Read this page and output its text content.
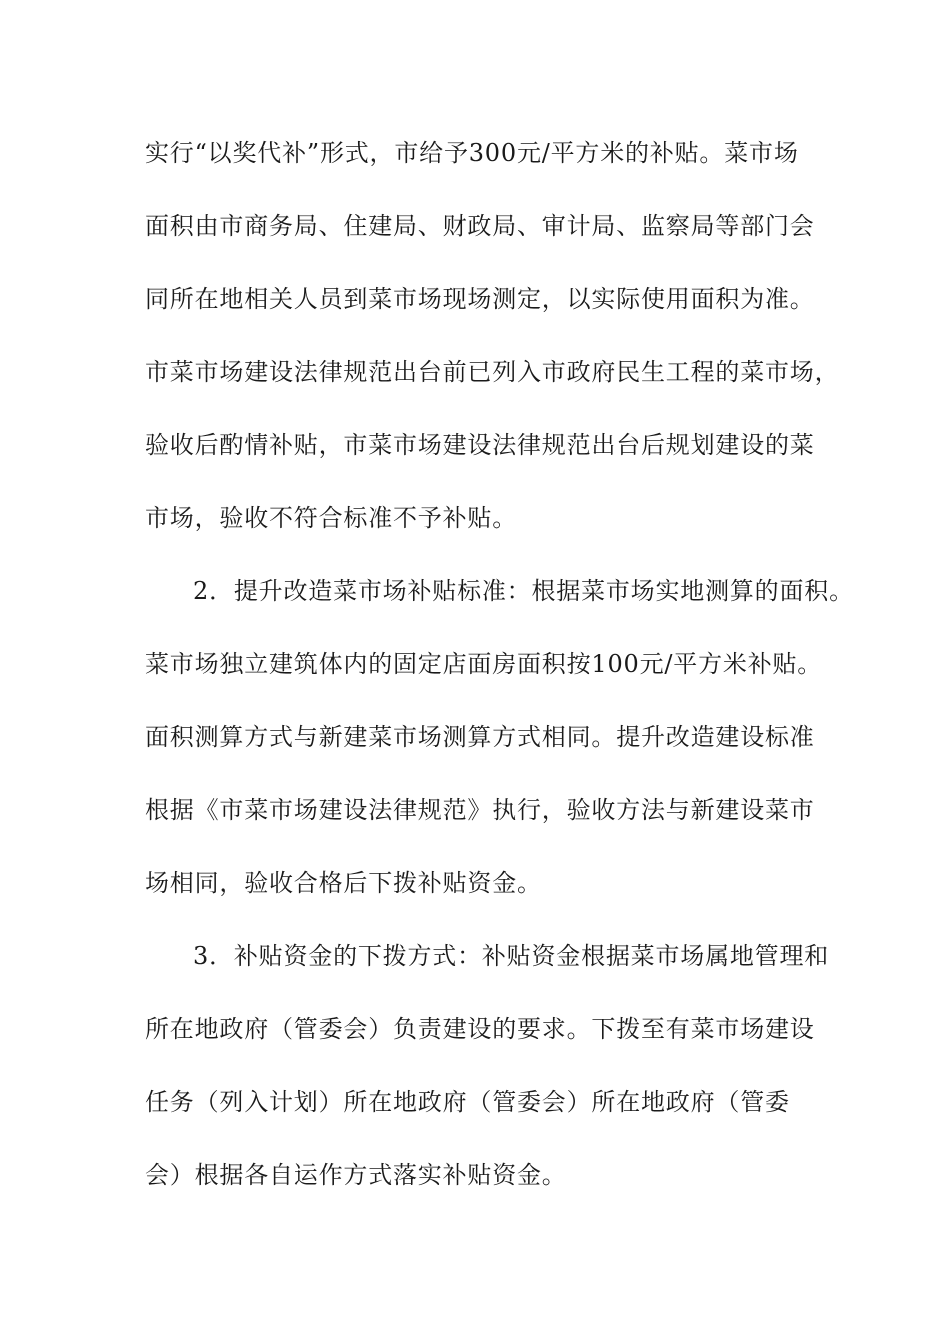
实行“以奖代补”形式，市给予300元/平方米的补贴。菜市场
面积由市商务局、住建局、财政局、审计局、监察局等部门会
同所在地相关人员到菜市场现场测定，以实际使用面积为准。
市菜市场建设法律规范出台前已列入市政府民生工程的菜市场，
验收后酌情补贴，市菜市场建设法律规范出台后规划建设的菜
市场，验收不符合标准不予补贴。
2．提升改造菜市场补贴标准：根据菜市场实地测算的面积。
菜市场独立建筑体内的固定店面房面积按100元/平方米补贴。
面积测算方式与新建菜市场测算方式相同。提升改造建设标准
根据《市菜市场建设法律规范》执行，验收方法与新建设菜市
场相同，验收合格后下拨补贴资金。
3．补贴资金的下拨方式：补贴资金根据菜市场属地管理和
所在地政府（管委会）负责建设的要求。下拨至有菜市场建设
任务（列入计划）所在地政府（管委会）所在地政府（管委
会）根据各自运作方式落实补贴资金。
